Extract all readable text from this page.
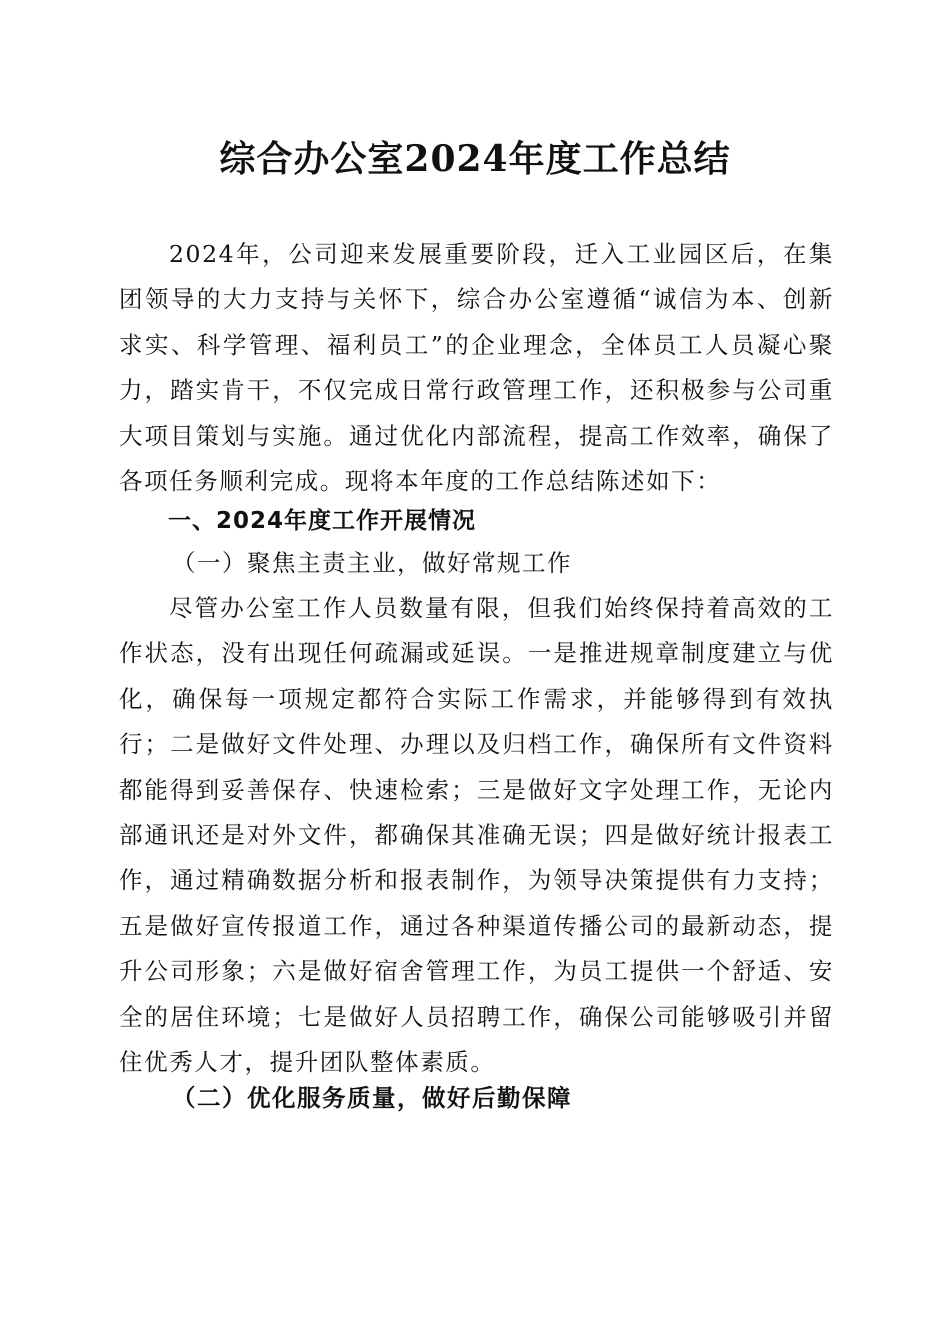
综合办公室2024年度工作总结

2024年，公司迎来发展重要阶段，迁入工业园区后，在集团领导的大力支持与关怀下，综合办公室遵循“诚信为本、创新求实、科学管理、福利员工”的企业理念，全体员工人员凝心聚力，踏实肯干，不仅完成日常行政管理工作，还积极参与公司重大项目策划与实施。通过优化内部流程，提高工作效率，确保了各项任务顺利完成。现将本年度的工作总结陈述如下：

一、2024年度工作开展情况
（一）聚焦主责主业，做好常规工作

尽管办公室工作人员数量有限，但我们始终保持着高效的工作状态，没有出现任何疏漏或延误。一是推进规章制度建立与优化，确保每一项规定都符合实际工作需求，并能够得到有效执行；二是做好文件处理、办理以及归档工作，确保所有文件资料都能得到妥善保存、快速检索；三是做好文字处理工作，无论内部通讯还是对外文件，都确保其准确无误；四是做好统计报表工作，通过精确数据分析和报表制作，为领导决策提供有力支持；五是做好宣传报道工作，通过各种渠道传播公司的最新动态，提升公司形象；六是做好宿舍管理工作，为员工提供一个舒适、安全的居住环境；七是做好人员招聘工作，确保公司能够吸引并留住优秀人才，提升团队整体素质。

（二）优化服务质量，做好后勤保障
